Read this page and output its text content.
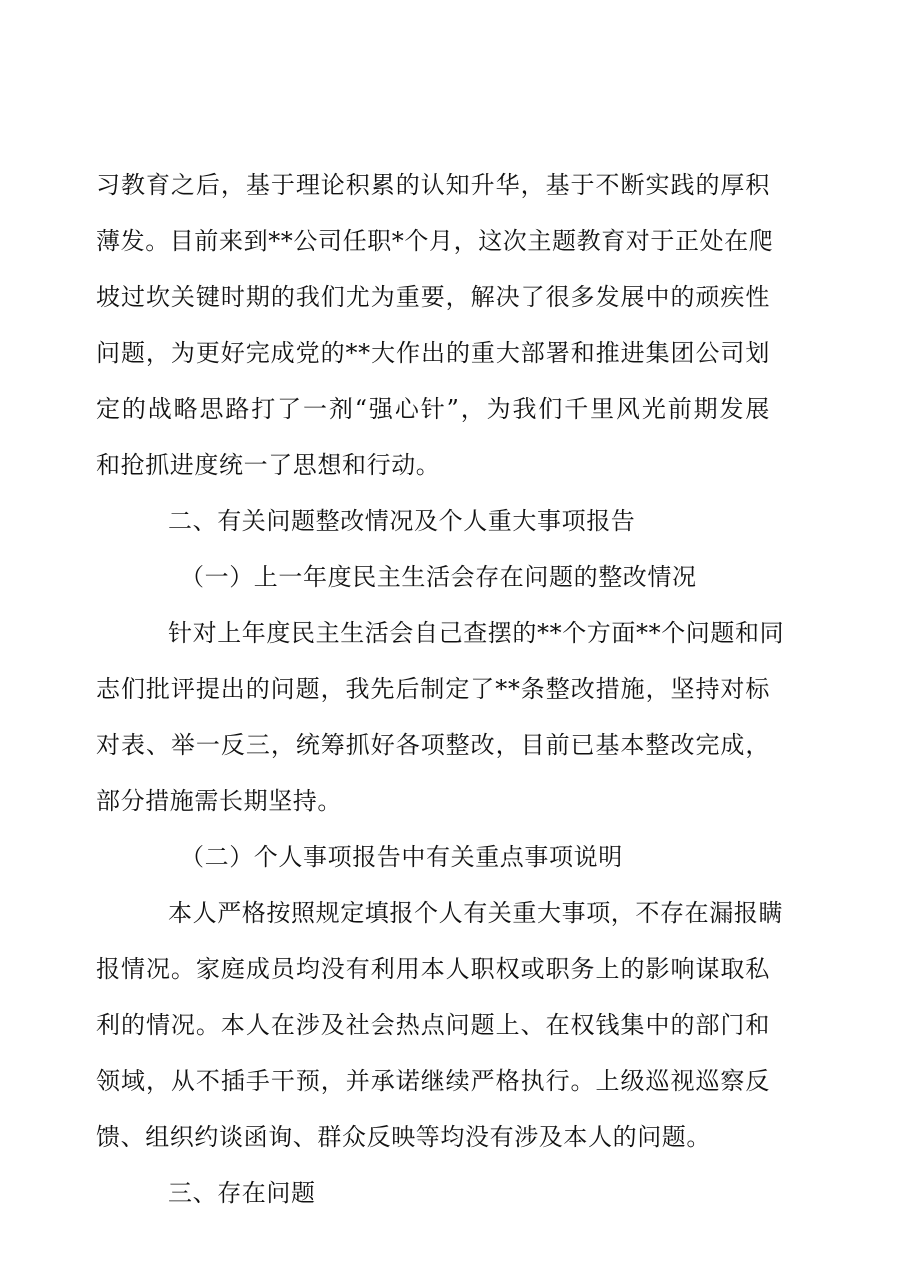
习教育之后，基于理论积累的认知升华，基于不断实践的厚积
薄发。目前来到**公司任职*个月，这次主题教育对于正处在爬
坡过坎关键时期的我们尤为重要，解决了很多发展中的顽疾性
问题，为更好完成党的**大作出的重大部署和推进集团公司划
定的战略思路打了一剂“强心针”，为我们千里风光前期发展
和抢抓进度统一了思想和行动。
二、有关问题整改情况及个人重大事项报告
（一）上一年度民主生活会存在问题的整改情况
针对上年度民主生活会自己查摆的**个方面**个问题和同
志们批评提出的问题，我先后制定了**条整改措施，坚持对标
对表、举一反三，统筹抓好各项整改，目前已基本整改完成，
部分措施需长期坚持。
（二）个人事项报告中有关重点事项说明
本人严格按照规定填报个人有关重大事项，不存在漏报瞒
报情况。家庭成员均没有利用本人职权或职务上的影响谋取私
利的情况。本人在涉及社会热点问题上、在权钱集中的部门和
领域，从不插手干预，并承诺继续严格执行。上级巡视巡察反
馈、组织约谈函询、群众反映等均没有涉及本人的问题。
三、存在问题
